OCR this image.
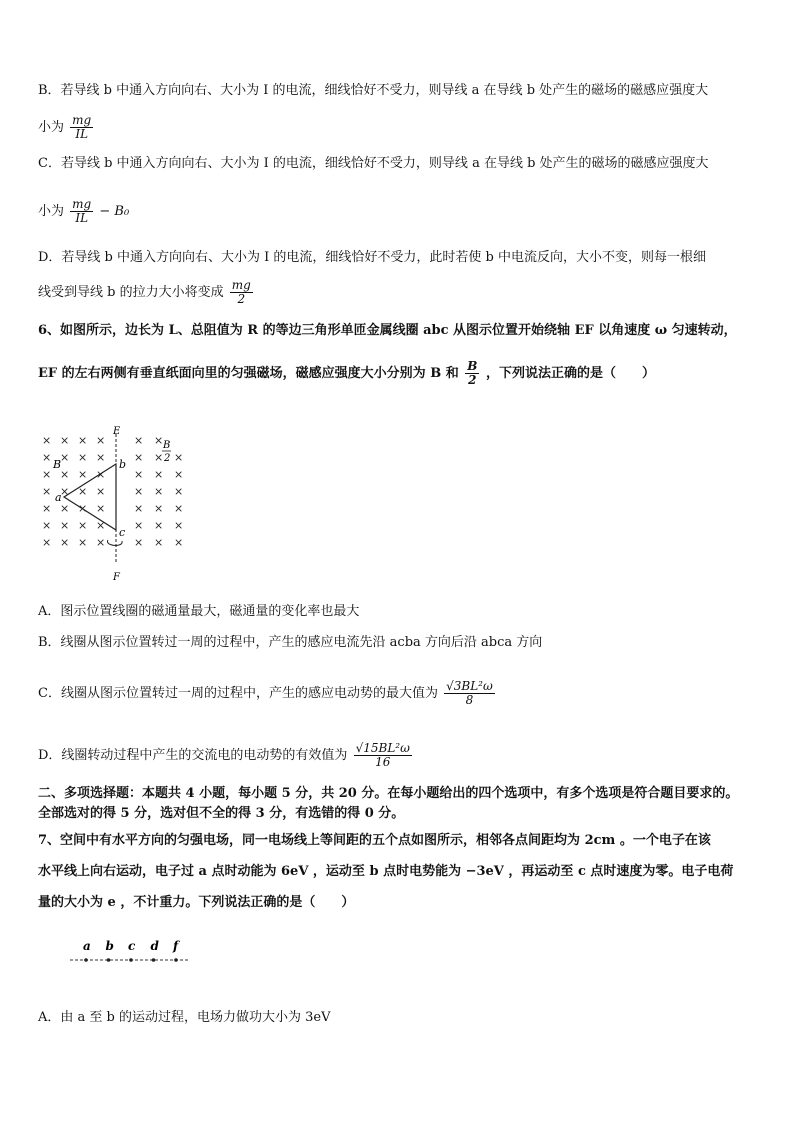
B．若导线 b 中通入方向向右、大小为 I 的电流，细线恰好不受力，则导线 a 在导线 b 处产生的磁场的磁感应强度大
小为 $\frac{mg}{IL}$
C．若导线 b 中通入方向向右、大小为 I 的电流，细线恰好不受力，则导线 a 在导线 b 处产生的磁场的磁感应强度大
小为 $\frac{mg}{IL} - B_0$
D．若导线 b 中通入方向向右、大小为 I 的电流，细线恰好不受力，此时若使 b 中电流反向，大小不变，则每一根细
线受到导线 b 的拉力大小将变成 $\frac{mg}{2}$
6、如图所示，边长为 L、总阻值为 R 的等边三角形单匝金属线圈 abc 从图示位置开始绕轴 EF 以角速度 ω 匀速转动，
EF 的左右两侧有垂直纸面向里的匀强磁场，磁感应强度大小分别为 B 和 $\frac{B}{2}$ ，下列说法正确的是（　　）
× × × ×
× × × ×
× × × ×
× × × ×
× × × ×
× × × ×
× × × ×
× ×
× × ×
× × ×
× × ×
× × ×
× × ×
× × ×
E
F
a
b
c
B
B
2
A．图示位置线圈的磁通量最大，磁通量的变化率也最大
B．线圈从图示位置转过一周的过程中，产生的感应电流先沿 acba 方向后沿 abca 方向
C．线圈从图示位置转过一周的过程中，产生的感应电动势的最大值为 $\frac{\text{√3BL²ω}}{8}$
D．线圈转动过程中产生的交流电的电动势的有效值为 $\frac{\text{√15BL²ω}}{16}$
二、多项选择题：本题共 4 小题，每小题 5 分，共 20 分。在每小题给出的四个选项中，有多个选项是符合题目要求的。
全部选对的得 5 分，选对但不全的得 3 分，有选错的得 0 分。
7、空间中有水平方向的匀强电场，同一电场线上等间距的五个点如图所示，相邻各点间距均为 2cm 。一个电子在该
水平线上向右运动，电子过 a 点时动能为 6eV ，运动至 b 点时电势能为 −3eV ，再运动至 c 点时速度为零。电子电荷
量的大小为 e ，不计重力。下列说法正确的是（　　）
a b c d f
A．由 a 至 b 的运动过程，电场力做功大小为 3eV
